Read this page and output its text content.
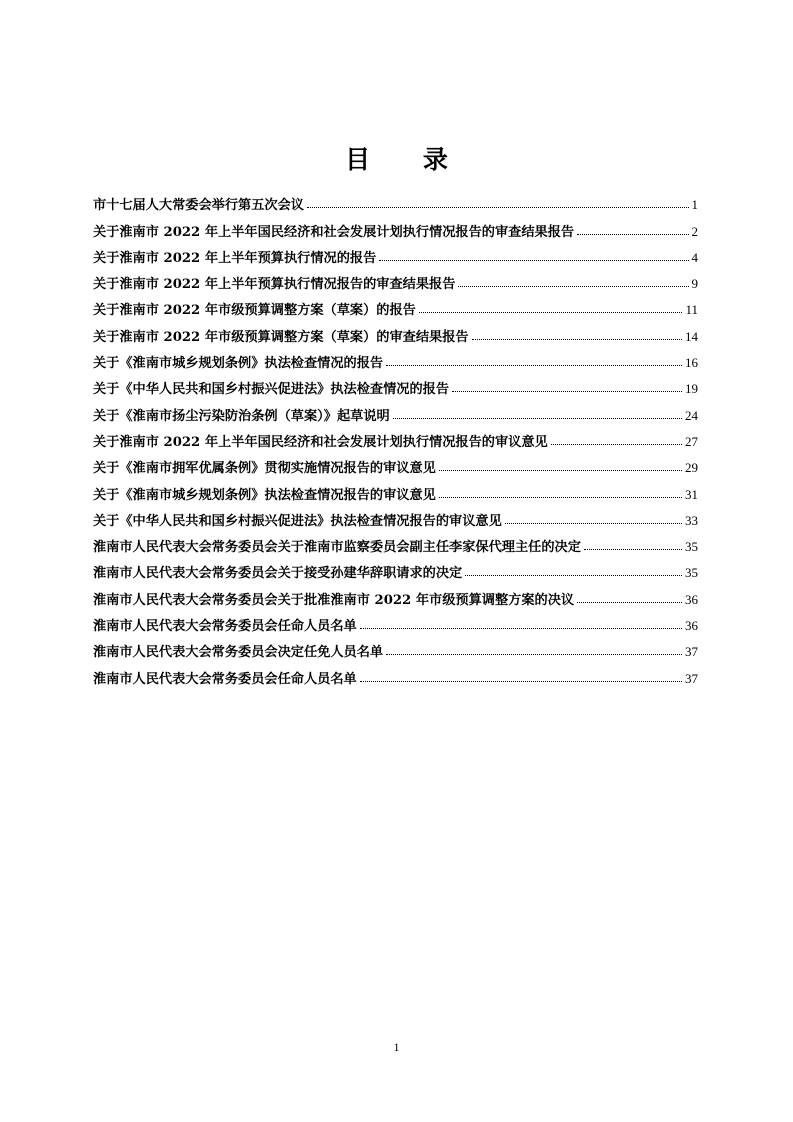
目 录
市十七届人大常委会举行第五次会议	1
关于淮南市 2022 年上半年国民经济和社会发展计划执行情况报告的审查结果报告	2
关于淮南市 2022 年上半年预算执行情况的报告	4
关于淮南市 2022 年上半年预算执行情况报告的审查结果报告	9
关于淮南市 2022 年市级预算调整方案（草案）的报告	11
关于淮南市 2022 年市级预算调整方案（草案）的审查结果报告	14
关于《淮南市城乡规划条例》执法检查情况的报告	16
关于《中华人民共和国乡村振兴促进法》执法检查情况的报告	19
关于《淮南市扬尘污染防治条例（草案）》起草说明	24
关于淮南市 2022 年上半年国民经济和社会发展计划执行情况报告的审议意见	27
关于《淮南市拥军优属条例》贯彻实施情况报告的审议意见	29
关于《淮南市城乡规划条例》执法检查情况报告的审议意见	31
关于《中华人民共和国乡村振兴促进法》执法检查情况报告的审议意见	33
淮南市人民代表大会常务委员会关于淮南市监察委员会副主任李家保代理主任的决定	35
淮南市人民代表大会常务委员会关于接受孙建华辞职请求的决定	35
淮南市人民代表大会常务委员会关于批准淮南市 2022 年市级预算调整方案的决议	36
淮南市人民代表大会常务委员会任命人员名单	36
淮南市人民代表大会常务委员会决定任免人员名单	37
淮南市人民代表大会常务委员会任命人员名单	37
1
